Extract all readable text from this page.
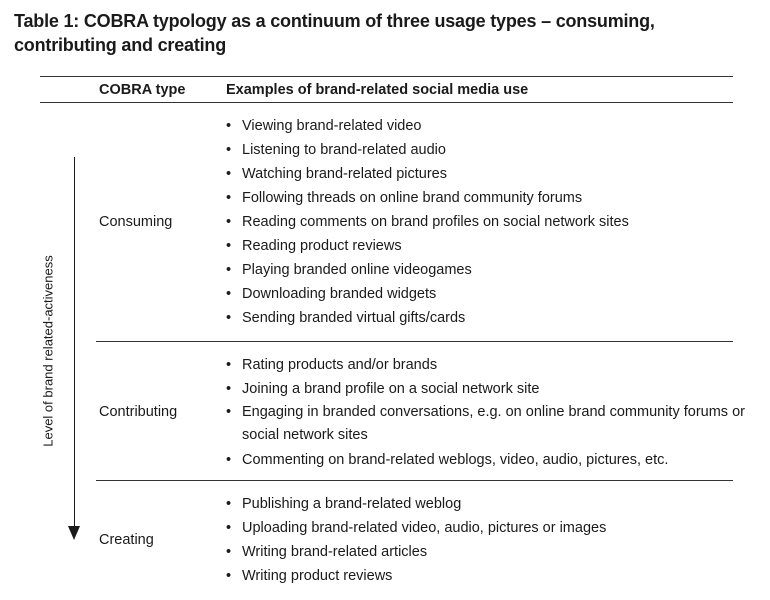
Table 1: COBRA typology as a continuum of three usage types – consuming, contributing and creating
COBRA type	Examples of brand-related social media use
Level of brand related-activeness
Consuming
• Viewing brand-related video
• Listening to brand-related audio
• Watching brand-related pictures
• Following threads on online brand community forums
• Reading comments on brand profiles on social network sites
• Reading product reviews
• Playing branded online videogames
• Downloading branded widgets
• Sending branded virtual gifts/cards
Contributing
• Rating products and/or brands
• Joining a brand profile on a social network site
• Engaging in branded conversations, e.g. on online brand community forums or social network sites
• Commenting on brand-related weblogs, video, audio, pictures, etc.
Creating
• Publishing a brand-related weblog
• Uploading brand-related video, audio, pictures or images
• Writing brand-related articles
• Writing product reviews
